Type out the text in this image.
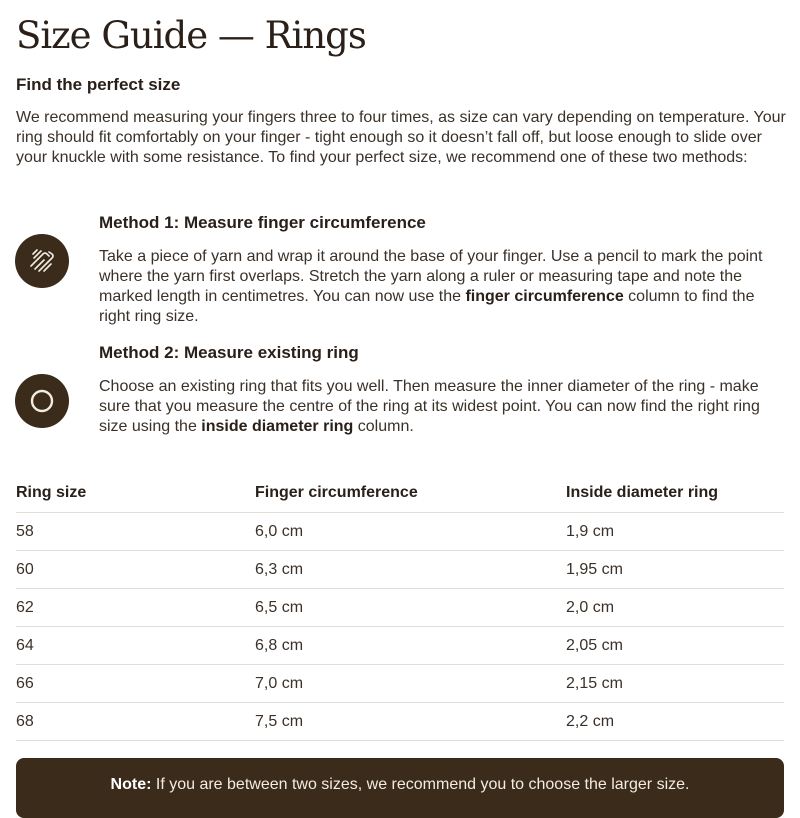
Size Guide — Rings
Find the perfect size

We recommend measuring your fingers three to four times, as size can vary depending on temperature. Your ring should fit comfortably on your finger - tight enough so it doesn’t fall off, but loose enough to slide over your knuckle with some resistance. To find your perfect size, we recommend one of these two methods:

Method 1: Measure finger circumference

Take a piece of yarn and wrap it around the base of your finger. Use a pencil to mark the point where the yarn first overlaps. Stretch the yarn along a ruler or measuring tape and note the marked length in centimetres. You can now use the finger circumference column to find the right ring size.

Method 2: Measure existing ring

Choose an existing ring that fits you well. Then measure the inner diameter of the ring - make sure that you measure the centre of the ring at its widest point. You can now find the right ring size using the inside diameter ring column.

Ring size	Finger circumference	Inside diameter ring
58	6,0 cm	1,9 cm
60	6,3 cm	1,95 cm
62	6,5 cm	2,0 cm
64	6,8 cm	2,05 cm
66	7,0 cm	2,15 cm
68	7,5 cm	2,2 cm
Note: If you are between two sizes, we recommend you to choose the larger size.
